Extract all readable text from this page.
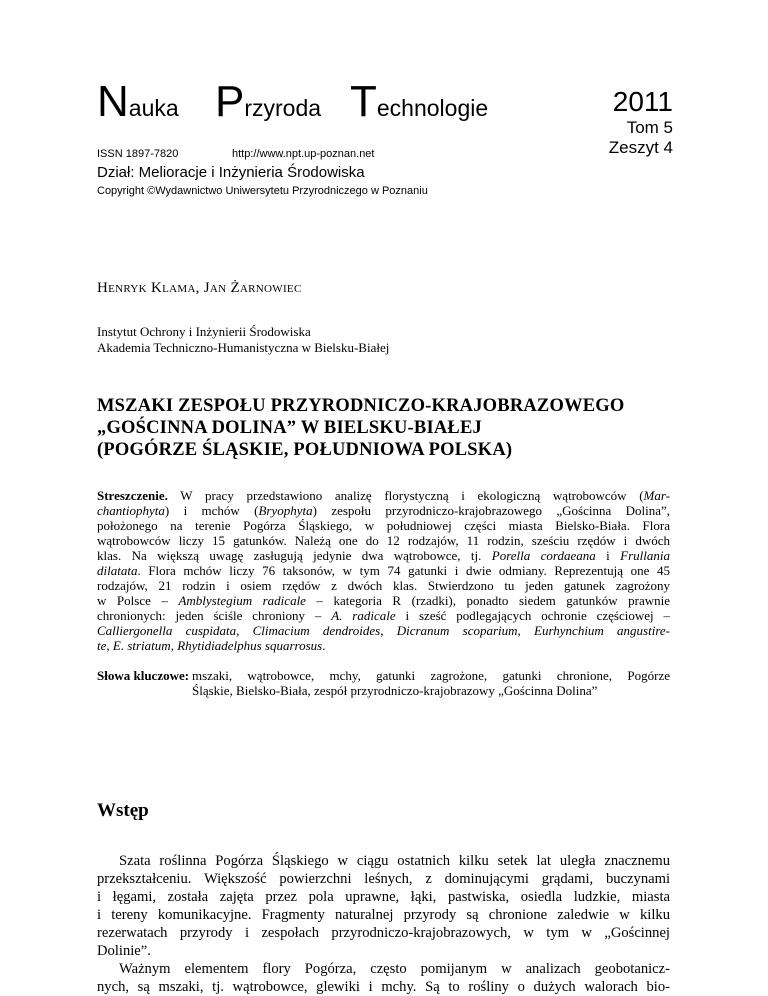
Nauka Przyroda Technologie	2011
Tom 5
Zeszyt 4
ISSN 1897-7820	http://www.npt.up-poznan.net
Dział: Melioracje i Inżynieria Środowiska
Copyright ©Wydawnictwo Uniwersytetu Przyrodniczego w Poznaniu
Henryk Klama, Jan Żarnowiec
Instytut Ochrony i Inżynierii Środowiska
Akademia Techniczno-Humanistyczna w Bielsku-Białej
MSZAKI ZESPOŁU PRZYRODNICZO-KRAJOBRAZOWEGO
„GOŚCINNA DOLINA” W BIELSKU-BIAŁEJ
(POGÓRZE ŚLĄSKIE, POŁUDNIOWA POLSKA)
Streszczenie. W pracy przedstawiono analizę florystyczną i ekologiczną wątrobowców (Mar-
chantiophyta) i mchów (Bryophyta) zespołu przyrodniczo-krajobrazowego „Gościnna Dolina”,
położonego na terenie Pogórza Śląskiego, w południowej części miasta Bielsko-Biała. Flora
wątrobowców liczy 15 gatunków. Należą one do 12 rodzajów, 11 rodzin, sześciu rzędów i dwóch
klas. Na większą uwagę zasługują jedynie dwa wątrobowce, tj. Porella cordaeana i Frullania
dilatata. Flora mchów liczy 76 taksonów, w tym 74 gatunki i dwie odmiany. Reprezentują one 45
rodzajów, 21 rodzin i osiem rzędów z dwóch klas. Stwierdzono tu jeden gatunek zagrożony
w Polsce – Amblystegium radicale – kategoria R (rzadki), ponadto siedem gatunków prawnie
chronionych: jeden ściśle chroniony – A. radicale i sześć podlegających ochronie częściowej –
Calliergonella cuspidata, Climacium dendroides, Dicranum scoparium, Eurhynchium angustire-
te, E. striatum, Rhytidiadelphus squarrosus.
Słowa kluczowe: mszaki, wątrobowce, mchy, gatunki zagrożone, gatunki chronione, Pogórze
Śląskie, Bielsko-Biała, zespół przyrodniczo-krajobrazowy „Gościnna Dolina”
Wstęp
Szata roślinna Pogórza Śląskiego w ciągu ostatnich kilku setek lat uległa znacznemu
przekształceniu. Większość powierzchni leśnych, z dominującymi grądami, buczynami
i łęgami, została zajęta przez pola uprawne, łąki, pastwiska, osiedla ludzkie, miasta
i tereny komunikacyjne. Fragmenty naturalnej przyrody są chronione zaledwie w kilku
rezerwatach przyrody i zespołach przyrodniczo-krajobrazowych, w tym w „Gościnnej
Dolinie”.
Ważnym elementem flory Pogórza, często pomijanym w analizach geobotanicz-
nych, są mszaki, tj. wątrobowce, glewiki i mchy. Są to rośliny o dużych walorach bio-
